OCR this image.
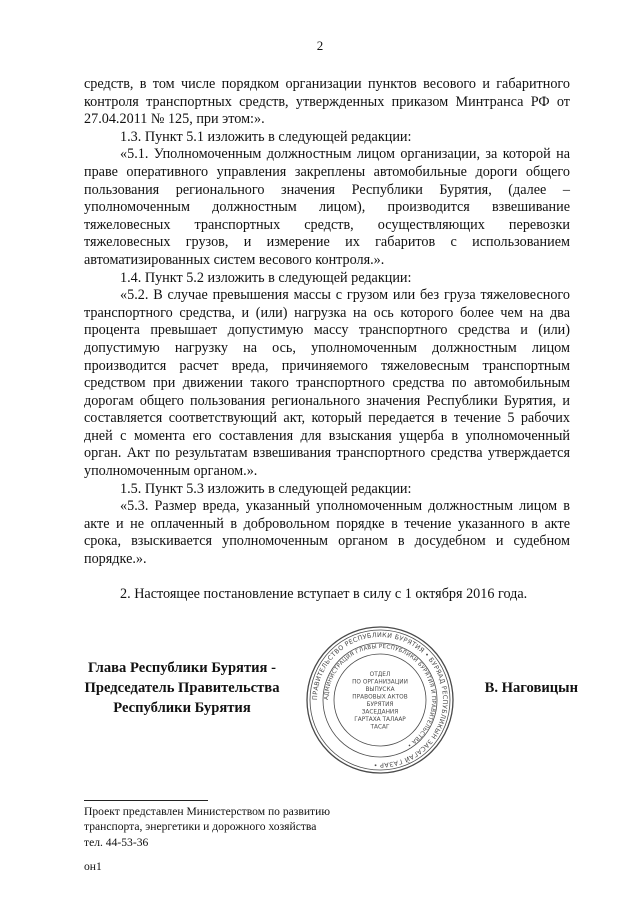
2

средств, в том числе порядком организации пунктов весового и габаритного контроля транспортных средств, утвержденных приказом Минтранса РФ от 27.04.2011 № 125, при этом:».

1.3. Пункт 5.1 изложить в следующей редакции:

«5.1. Уполномоченным должностным лицом организации, за которой на праве оперативного управления закреплены автомобильные дороги общего пользования регионального значения Республики Бурятия, (далее – уполномоченным должностным лицом), производится взвешивание тяжеловесных транспортных средств, осуществляющих перевозки тяжеловесных грузов, и измерение их габаритов с использованием автоматизированных систем весового контроля.».

1.4. Пункт 5.2 изложить в следующей редакции:

«5.2. В случае превышения массы с грузом или без груза тяжеловесного транспортного средства, и (или) нагрузка на ось которого более чем на два процента превышает допустимую массу транспортного средства и (или) допустимую нагрузку на ось, уполномоченным должностным лицом производится расчет вреда, причиняемого тяжеловесным транспортным средством при движении такого транспортного средства по автомобильным дорогам общего пользования регионального значения Республики Бурятия, и составляется соответствующий акт, который передается в течение 5 рабочих дней с момента его составления для взыскания ущерба в уполномоченный орган. Акт по результатам взвешивания транспортного средства утверждается уполномоченным органом.».

1.5. Пункт 5.3 изложить в следующей редакции:

«5.3. Размер вреда, указанный уполномоченным должностным лицом в акте и не оплаченный в добровольном порядке в течение указанного в акте срока, взыскивается уполномоченным органом в досудебном и судебном порядке.».

2. Настоящее постановление вступает в силу с 1 октября 2016 года.

Глава Республики Бурятия -
Председатель Правительства
Республики Бурятия
ПРАВИТЕЛЬСТВО РЕСПУБЛИКИ БУРЯТИЯ • БУРЯАД РЕСПУБЛИКЫН ЗАСАГАЙ ГАЗАР •
АДМИНИСТРАЦИЯ ГЛАВЫ РЕСПУБЛИКИ БУРЯТИЯ И ПРАВИТЕЛЬСТВА •
ОТДЕЛ
ПО ОРГАНИЗАЦИИ
ВЫПУСКА
ПРАВОВЫХ АКТОВ
БУРЯТИЯ
ЗАСЕДАНИЯ
ГАРТАХА ТАЛААР
ТАСАГ
В. Наговицын
Проект представлен Министерством по развитию
транспорта, энергетики и дорожного хозяйства
тел. 44-53-36
он1
